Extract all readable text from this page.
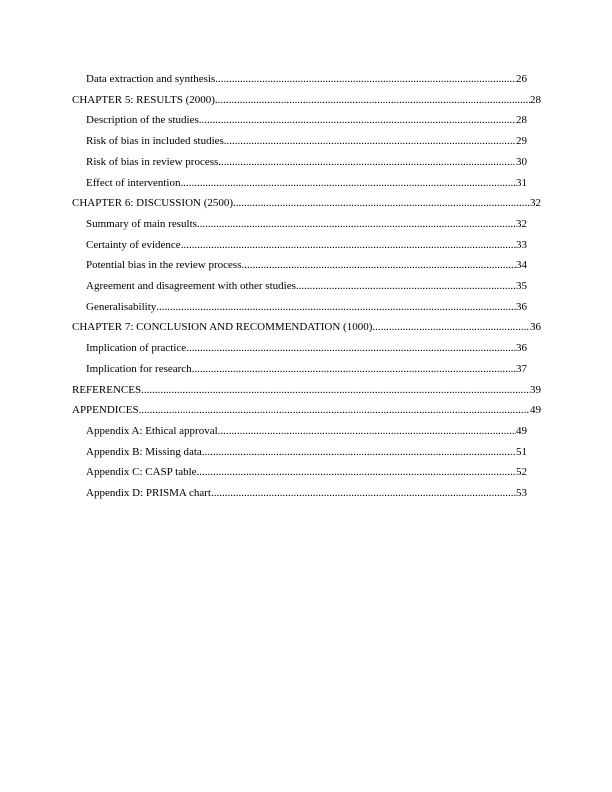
Data extraction and synthesis .....	26
CHAPTER 5: RESULTS (2000) .....	28
Description of the studies .....	28
Risk of bias in included studies .....	29
Risk of bias in review process .....	30
Effect of intervention .....	31
CHAPTER 6: DISCUSSION (2500) .....	32
Summary of main results .....	32
Certainty of evidence .....	33
Potential bias in the review process .....	34
Agreement and disagreement with other studies .....	35
Generalisability .....	36
CHAPTER 7: CONCLUSION AND RECOMMENDATION (1000) .....	36
Implication of practice .....	36
Implication for research .....	37
REFERENCES .....	39
APPENDICES .....	49
Appendix A: Ethical approval .....	49
Appendix B: Missing data .....	51
Appendix C: CASP table .....	52
Appendix D: PRISMA chart .....	53
